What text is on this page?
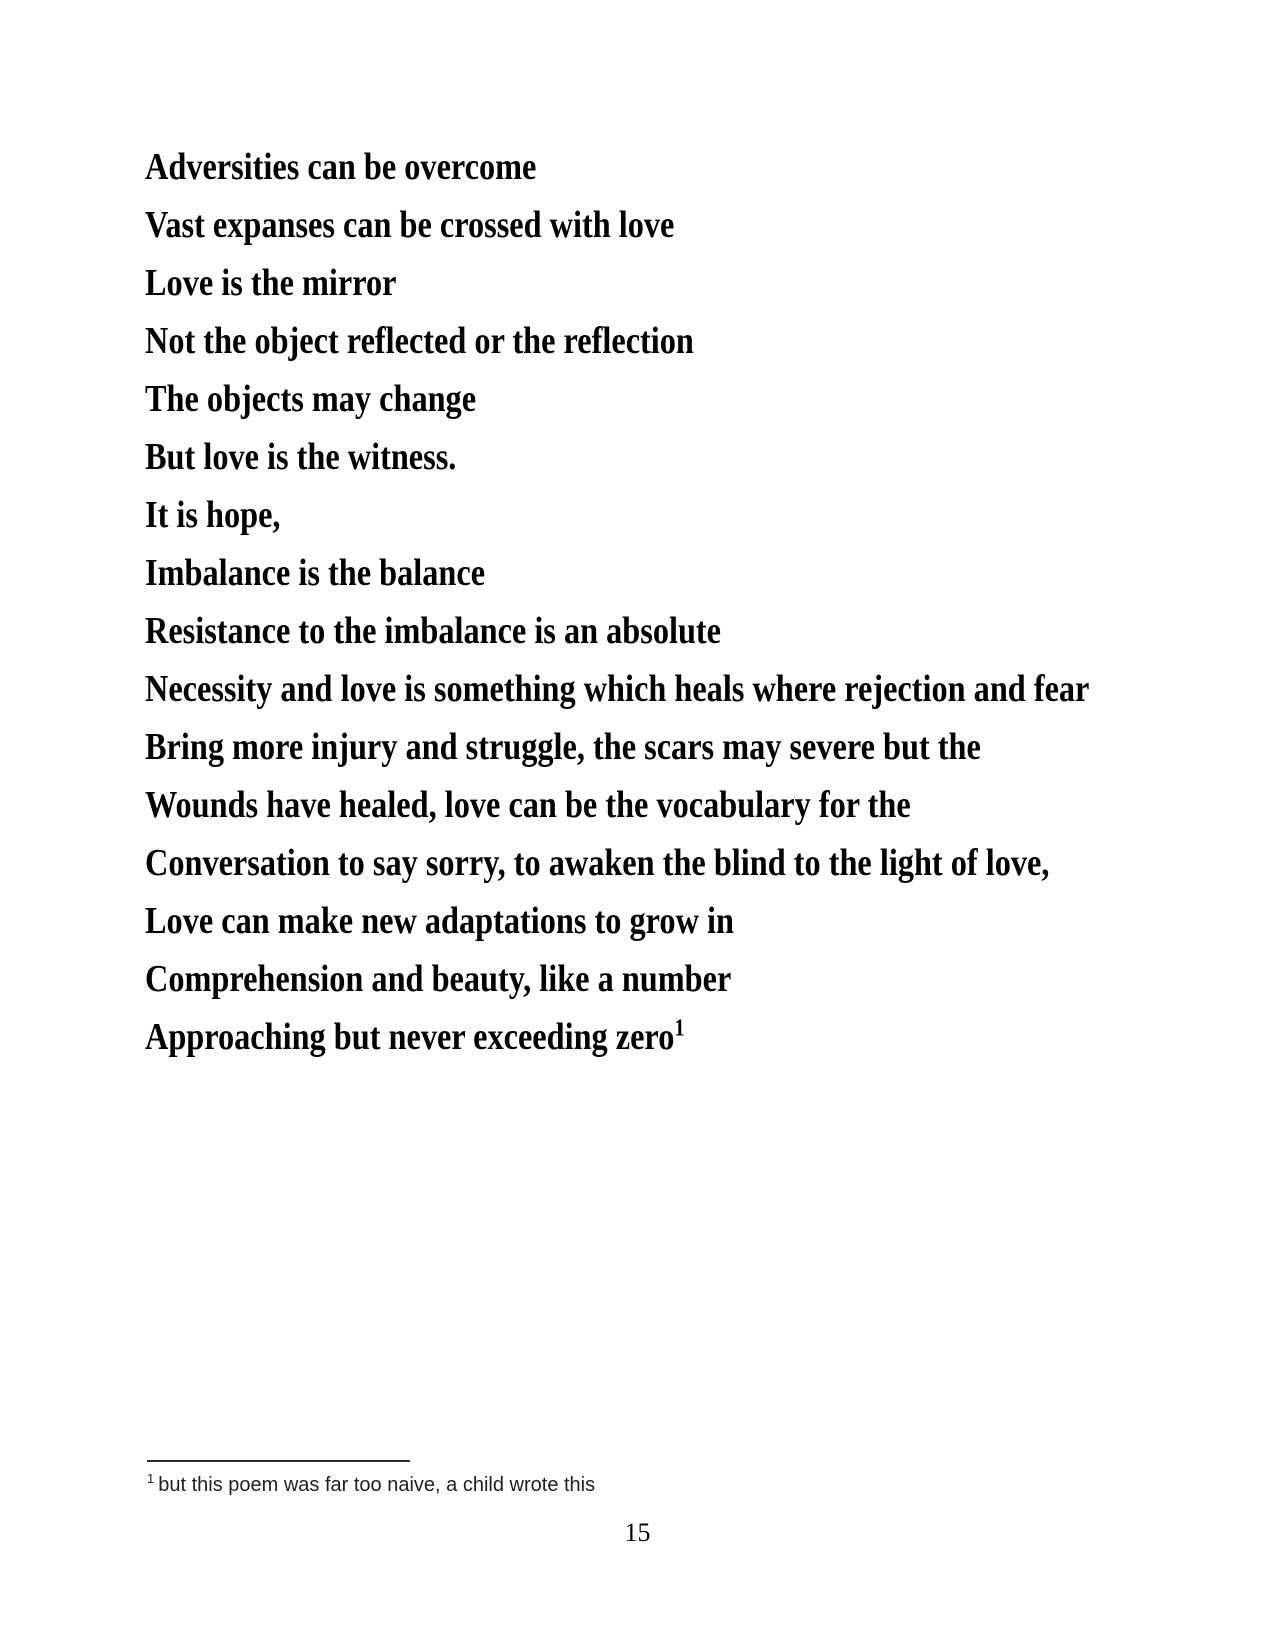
Adversities can be overcome
Vast expanses can be crossed with love
Love is the mirror
Not the object reflected or the reflection
The objects may change
But love is the witness.
It is hope,
Imbalance is the balance
Resistance to the imbalance is an absolute
Necessity and love is something which heals where rejection and fear
Bring more injury and struggle, the scars may severe but the
Wounds have healed, love can be the vocabulary for the
Conversation to say sorry, to awaken the blind to the light of love,
Love can make new adaptations to grow in
Comprehension and beauty, like a number
Approaching but never exceeding zero$^1$
$^1$ but this poem was far too naive, a child wrote this
15
